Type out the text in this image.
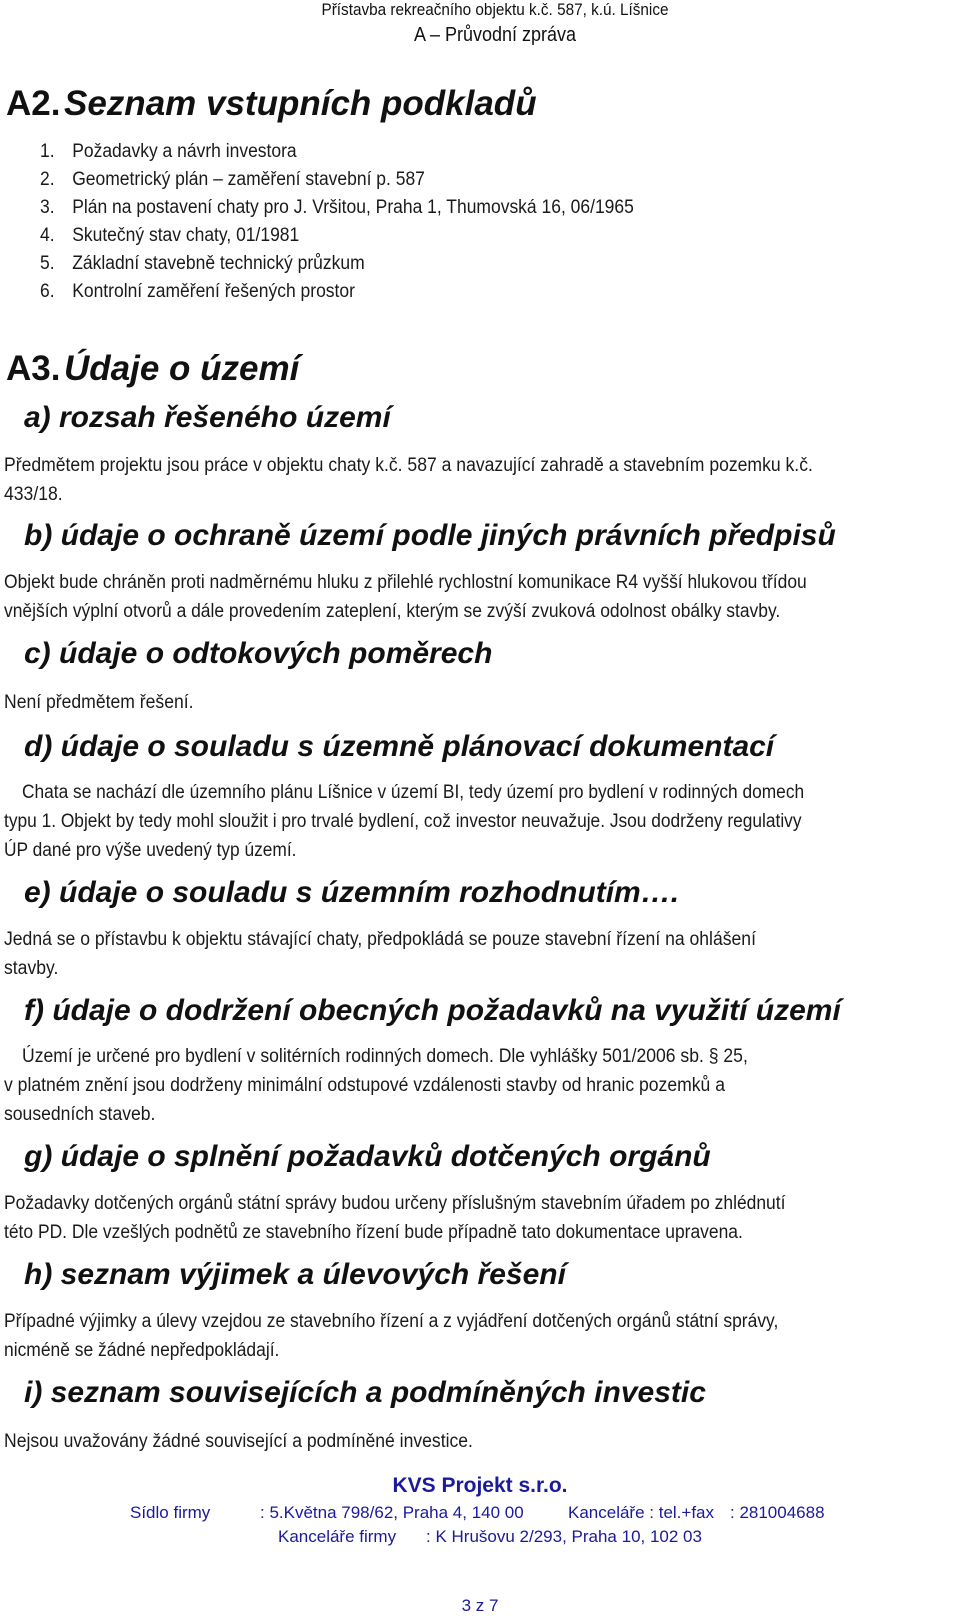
Přístavba rekreačního objektu k.č. 587, k.ú. Líšnice
A – Průvodní zpráva
A2. Seznam vstupních podkladů
1. Požadavky a návrh investora
2. Geometrický plán – zaměření stavební p. 587
3. Plán na postavení chaty pro J. Vršitou, Praha 1, Thumovská 16, 06/1965
4. Skutečný stav chaty, 01/1981
5. Základní stavebně technický průzkum
6. Kontrolní zaměření řešených prostor
A3. Údaje o území
a) rozsah řešeného území

Předmětem projektu jsou práce v objektu chaty k.č. 587 a navazující zahradě a stavebním pozemku k.č.
433/18.

b) údaje o ochraně území podle jiných právních předpisů

Objekt bude chráněn proti nadměrnému hluku z přilehlé rychlostní komunikace R4 vyšší hlukovou třídou
vnějších výplní otvorů a dále provedením zateplení, kterým se zvýší zvuková odolnost obálky stavby.

c) údaje o odtokových poměrech

Není předmětem řešení.

d) údaje o souladu s územně plánovací dokumentací

Chata se nachází dle územního plánu Líšnice v území BI, tedy území pro bydlení v rodinných domech
typu 1. Objekt by tedy mohl sloužit i pro trvalé bydlení, což investor neuvažuje. Jsou dodrženy regulativy
ÚP dané pro výše uvedený typ území.

e) údaje o souladu s územním rozhodnutím….

Jedná se o přístavbu k objektu stávající chaty, předpokládá se pouze stavební řízení na ohlášení
stavby.

f) údaje o dodržení obecných požadavků na využití území

Území je určené pro bydlení v solitérních rodinných domech. Dle vyhlášky 501/2006 sb. § 25,
v platném znění jsou dodrženy minimální odstupové vzdálenosti stavby od hranic pozemků a
sousedních staveb.

g) údaje o splnění požadavků dotčených orgánů

Požadavky dotčených orgánů státní správy budou určeny příslušným stavebním úřadem po zhlédnutí
této PD. Dle vzešlých podnětů ze stavebního řízení bude případně tato dokumentace upravena.

h) seznam výjimek a úlevových řešení

Případné výjimky a úlevy vzejdou ze stavebního řízení a z vyjádření dotčených orgánů státní správy,
nicméně se žádné nepředpokládají.

i) seznam souvisejících a podmíněných investic

Nejsou uvažovány žádné související a podmíněné investice.

KVS Projekt s.r.o.
Sídlo firmy	: 5.Května 798/62, Praha 4, 140 00	Kanceláře : tel.+fax : 281004688
Kanceláře firmy : K Hrušovu 2/293, Praha 10, 102 03
3 z 7
